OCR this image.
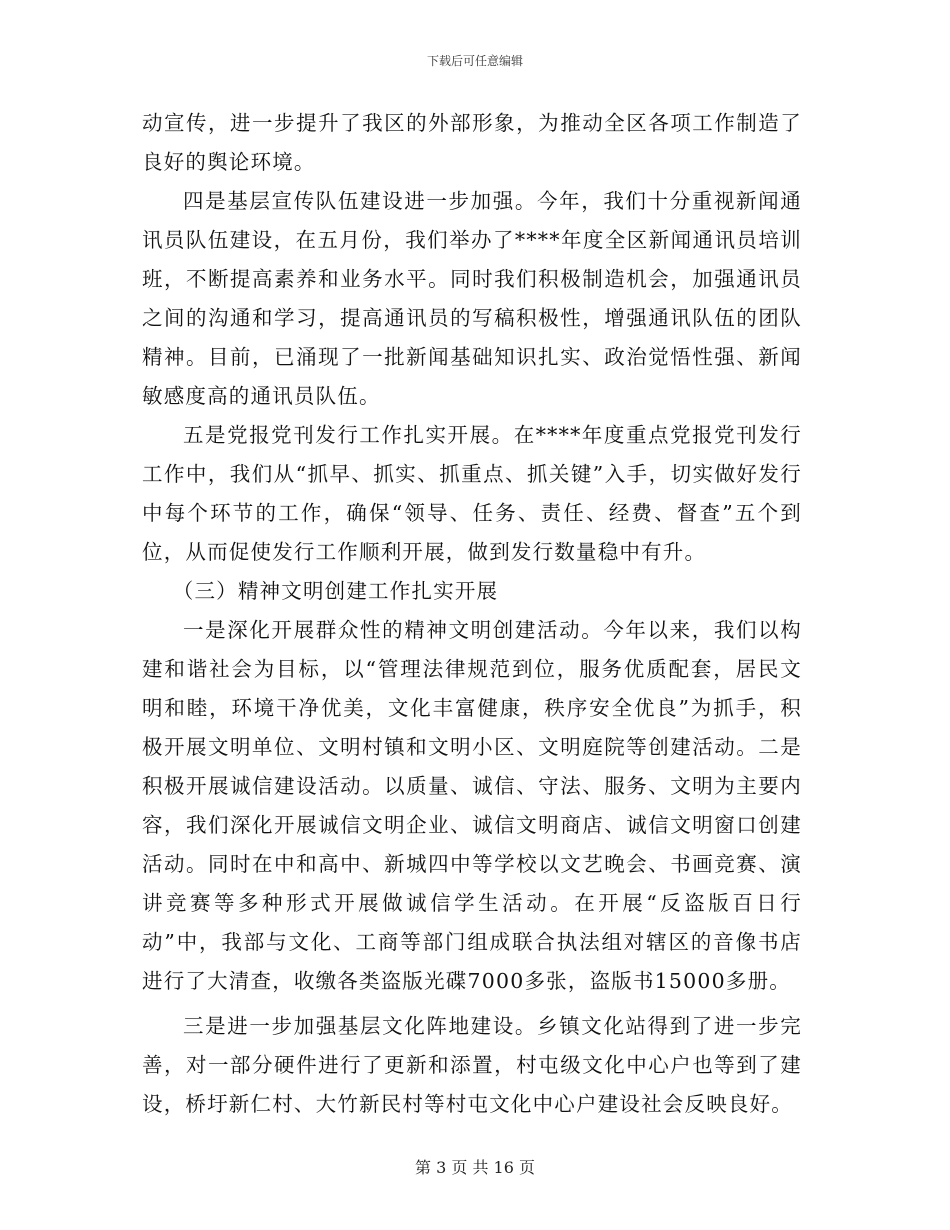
下载后可任意编辑

动宣传，进一步提升了我区的外部形象，为推动全区各项工作制造了良好的舆论环境。

四是基层宣传队伍建设进一步加强。今年，我们十分重视新闻通讯员队伍建设，在五月份，我们举办了****年度全区新闻通讯员培训班，不断提高素养和业务水平。同时我们积极制造机会，加强通讯员之间的沟通和学习，提高通讯员的写稿积极性，增强通讯队伍的团队精神。目前，已涌现了一批新闻基础知识扎实、政治觉悟性强、新闻敏感度高的通讯员队伍。

五是党报党刊发行工作扎实开展。在****年度重点党报党刊发行工作中，我们从“抓早、抓实、抓重点、抓关键”入手，切实做好发行中每个环节的工作，确保“领导、任务、责任、经费、督查”五个到位，从而促使发行工作顺利开展，做到发行数量稳中有升。

（三）精神文明创建工作扎实开展

一是深化开展群众性的精神文明创建活动。今年以来，我们以构建和谐社会为目标，以“管理法律规范到位，服务优质配套，居民文明和睦，环境干净优美，文化丰富健康，秩序安全优良”为抓手，积极开展文明单位、文明村镇和文明小区、文明庭院等创建活动。二是积极开展诚信建设活动。以质量、诚信、守法、服务、文明为主要内容，我们深化开展诚信文明企业、诚信文明商店、诚信文明窗口创建活动。同时在中和高中、新城四中等学校以文艺晚会、书画竞赛、演讲竞赛等多种形式开展做诚信学生活动。在开展“反盗版百日行动”中，我部与文化、工商等部门组成联合执法组对辖区的音像书店进行了大清查，收缴各类盗版光碟7000多张，盗版书15000多册。

三是进一步加强基层文化阵地建设。乡镇文化站得到了进一步完善，对一部分硬件进行了更新和添置，村屯级文化中心户也等到了建设，桥圩新仁村、大竹新民村等村屯文化中心户建设社会反映良好。

第 3 页 共 16 页
